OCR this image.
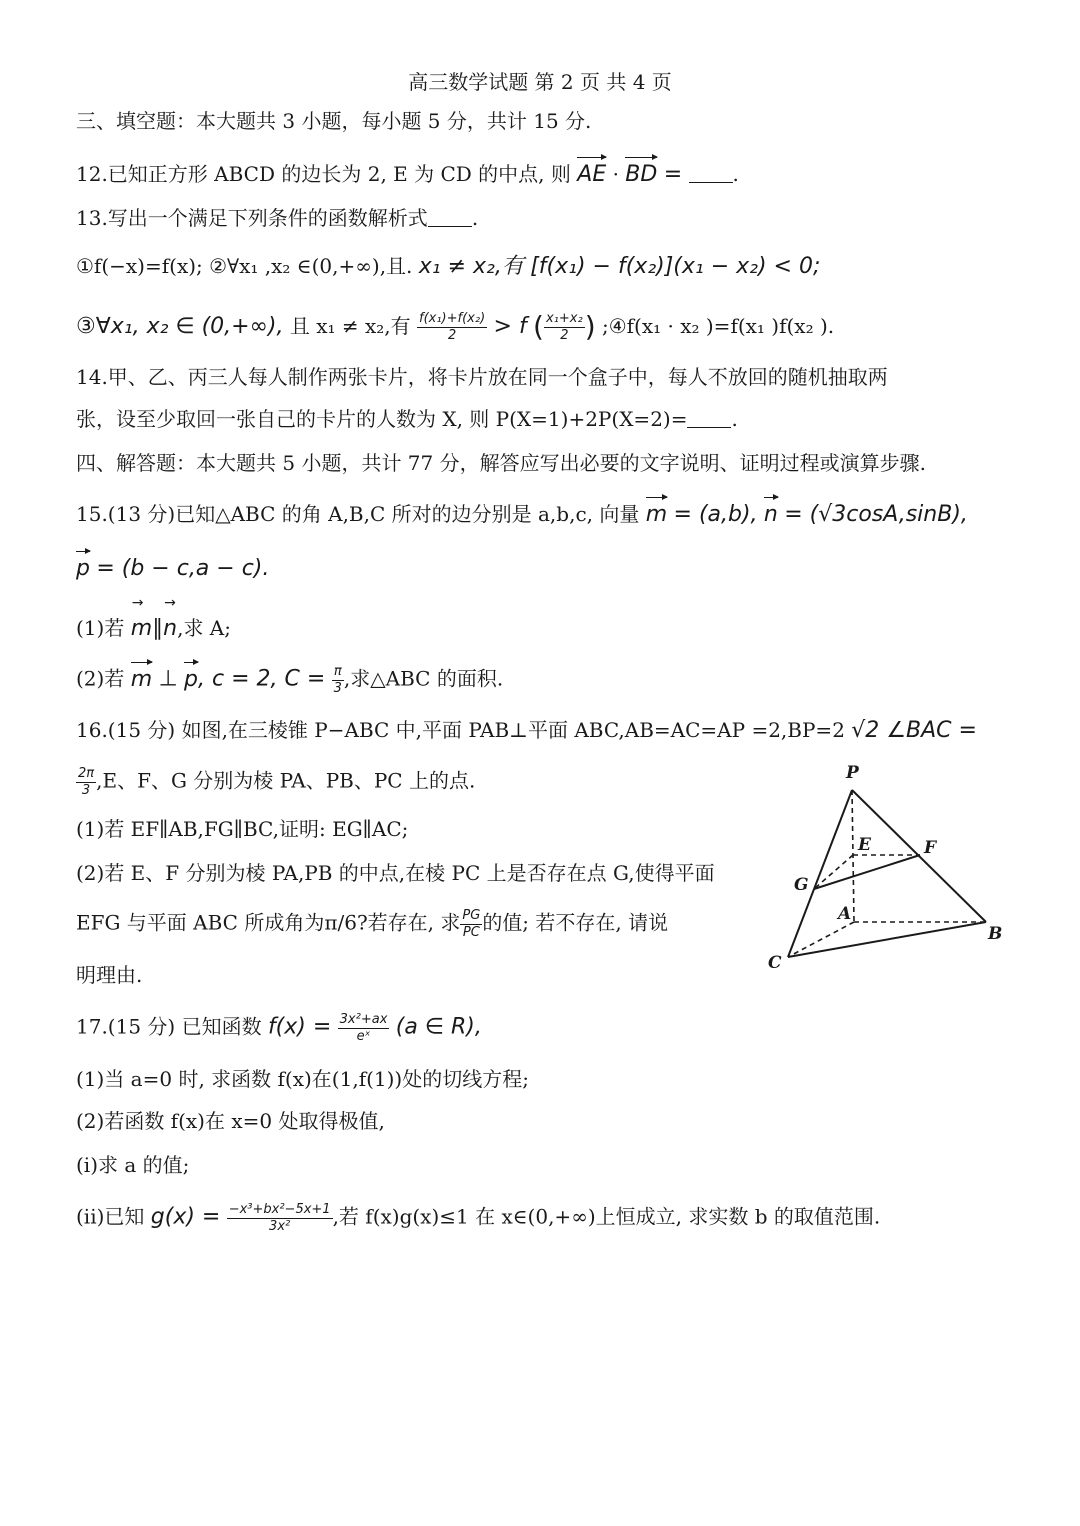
高三数学试题 第 2 页 共 4 页
三、填空题：本大题共 3 小题，每小题 5 分，共计 15 分.
12.已知正方形 ABCD 的边长为 2, E 为 CD 的中点, 则 AE · BD =	.
13.写出一个满足下列条件的函数解析式 .
①f(−x)=f(x); ②∀x₁ ,x₂ ∈(0,+∞),且. x₁ ≠ x₂,有 [f(x₁) − f(x₂)](x₁ − x₂) < 0;
③∀x₁, x₂ ∈ (0,+∞), 且 x₁ ≠ x₂,有 $\frac{\text{f(x₁)+f(x₂)}}{2} > f$ ( $\frac{\text{x₁+x₂}}{2}$ ) ;④f(x₁ · x₂ )=f(x₁ )f(x₂ ).
14.甲、乙、丙三人每人制作两张卡片，将卡片放在同一个盒子中，每人不放回的随机抽取两
张，设至少取回一张自己的卡片的人数为 X, 则 P(X=1)+2P(X=2)= .
四、解答题：本大题共 5 小题，共计 77 分，解答应写出必要的文字说明、证明过程或演算步骤.
15.(13 分)已知△ABC 的角 A,B,C 所对的边分别是 a,b,c, 向量 m = (a,b), n = (√3cosA,sinB),
p = (b − c,a − c).
(1)若 → m∥→ n,求 A;
(2)若 m ⊥ p, c = 2, $C = \frac{\pi}{3}$ ,求△ABC 的面积.
16.(15 分) 如图,在三棱锥 P−ABC 中,平面 PAB⊥平面 ABC,AB=AC=AP =2,BP=2 √2 ∠BAC =
$\frac{2\pi}{3} ,E$、F、G 分别为棱 PA、PB、PC 上的点.
(1)若 EF∥AB,FG∥BC,证明: EG∥AC;
(2)若 E、F 分别为棱 PA,PB 的中点,在棱 PC 上是否存在点 G,使得平面
EFG 与平面 ABC 所成角为π/6?若存在, 求 $\frac{PG}{PC}$ 的值; 若不存在, 请说
明理由.
P
E	F
G
A
B
C
17.(15 分) 已知函数 $f(x) = \frac{\text{3x²+ax}}{\text{eˣ}} (a$ ∈ R),
(1)当 a=0 时, 求函数 f(x)在(1,f(1))处的切线方程;
(2)若函数 f(x)在 x=0 处取得极值,
(i)求 a 的值;
(ii)已知 $g(x) = \frac{\text{−x³+bx²−5x+1}}{\text{3x²}}$ ,若 f(x)g(x)≤1 在 x∈(0,+∞)上恒成立, 求实数 b 的取值范围.
